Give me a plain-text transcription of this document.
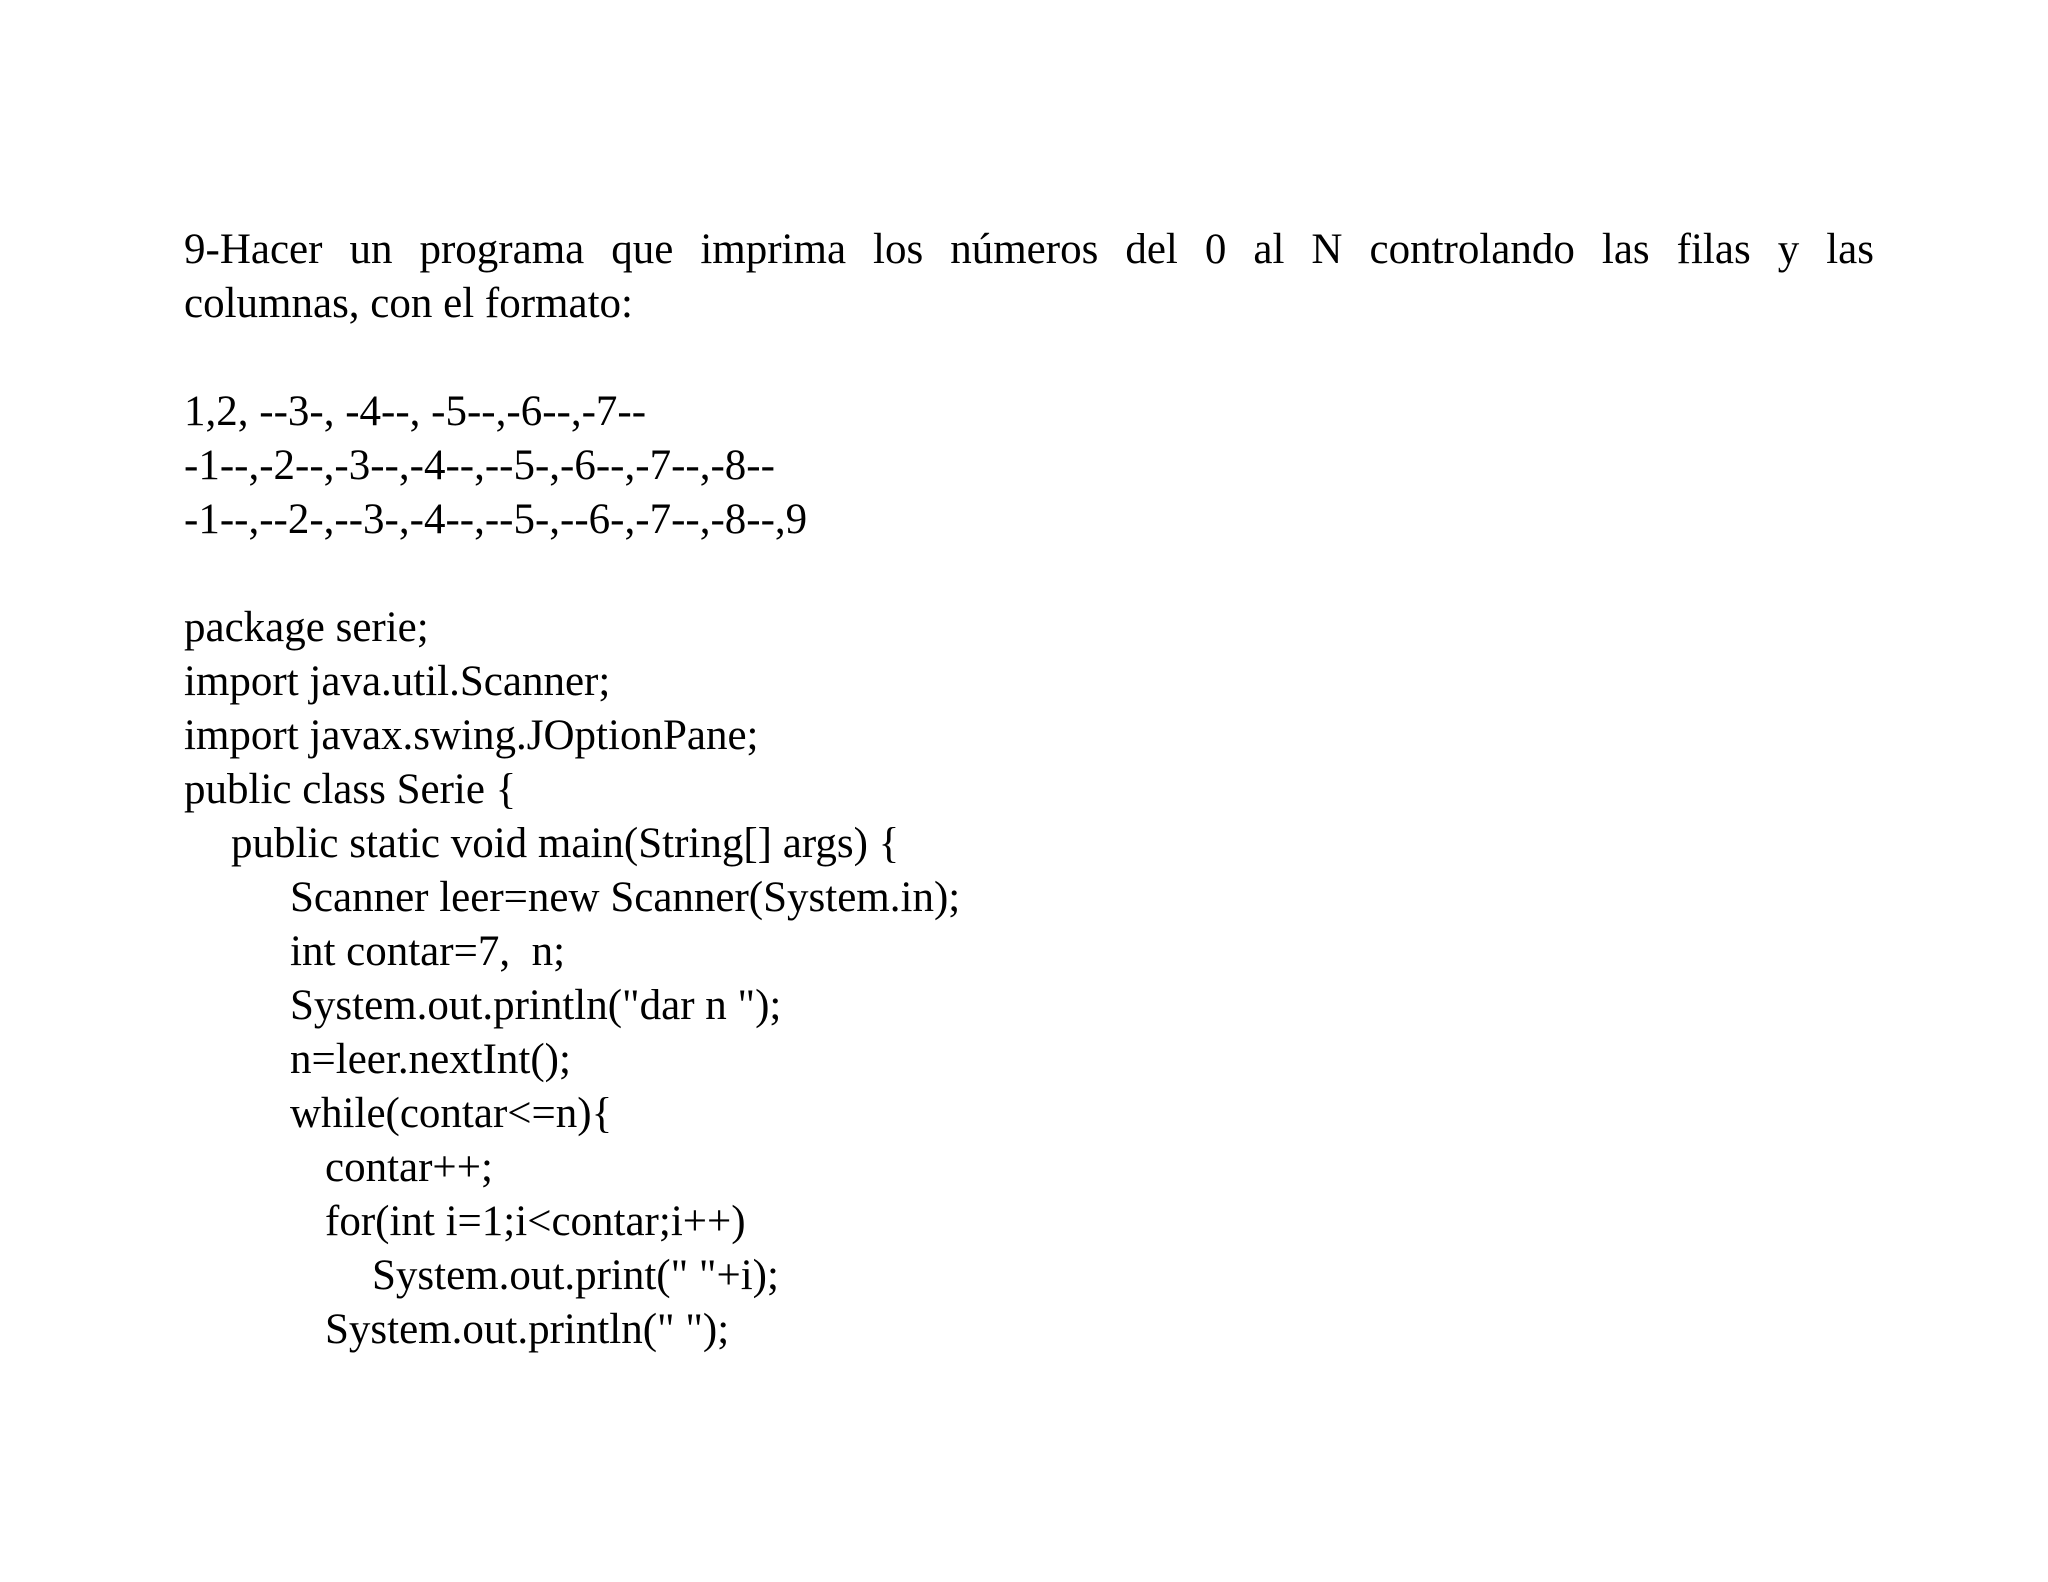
9-Hacer un programa que imprima los números del 0 al N controlando las filas y las
columnas, con el formato:
1,2, --3-, -4--, -5--,-6--,-7--
-1--,-2--,-3--,-4--,--5-,-6--,-7--,-8--
-1--,--2-,--3-,-4--,--5-,--6-,-7--,-8--,9
package serie;
import java.util.Scanner;
import javax.swing.JOptionPane;
public class Serie {
public static void main(String[] args) {
Scanner leer=new Scanner(System.in);
int contar=7,  n;
System.out.println("dar n ");
n=leer.nextInt();
while(contar<=n){
contar++;
for(int i=1;i<contar;i++)
System.out.print(" "+i);
System.out.println(" ");
